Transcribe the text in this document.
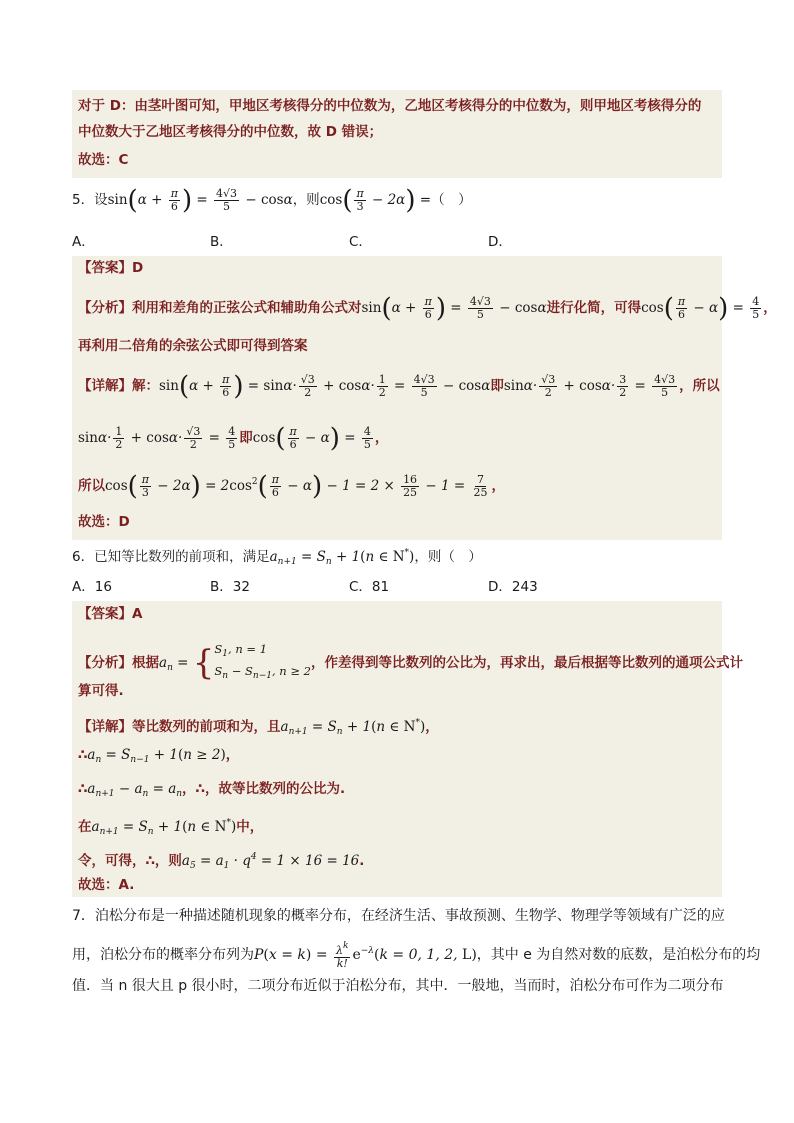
对于 D：由茎叶图可知，甲地区考核得分的中位数为，乙地区考核得分的中位数为，则甲地区考核得分的
中位数大于乙地区考核得分的中位数，故 D 错误；
故选：C
5．设$\sin(\alpha + \frac{\pi}{6}$ ) = $\frac{4√3}{5} - \cos\alpha$，则$\cos( \frac{\pi}{3} - 2\alpha)$ =（　）
A．	B．	C．	D．
【答案】D
【分析】利用和差角的正弦公式和辅助角公式对$\sin(\alpha + \frac{\pi}{6}$ ) = $\frac{4√3}{5} - \cos\alpha$进行化简，可得$\cos( \frac{\pi}{6} - \alpha) = \frac{4}{5}$ ，
再利用二倍角的余弦公式即可得到答案
【详解】解：$\sin(\alpha + \frac{\pi}{6}$ ) = $\sin\alpha\cdot \frac{√3}{2} + \cos\alpha\cdot \frac{1}{2} = \frac{4√3}{5} - \cos\alpha$即$\sin\alpha\cdot \frac{√3}{2} + \cos\alpha\cdot \frac{3}{2} = \frac{4√3}{5}$ ，所以
$\sin\alpha\cdot \frac{1}{2} + \cos\alpha\cdot \frac{√3}{2} = \frac{4}{5}$ 即$\cos( \frac{\pi}{6} - \alpha) = \frac{4}{5}$ ，
所以$\cos( \frac{\pi}{3} - 2\alpha) = 2\cos^2( \frac{\pi}{6} - \alpha) - 1 = 2 \times \frac{16}{25} - 1 = \frac{7}{25}$ ，
故选：D
6．已知等比数列的前项和，满足$a_{n+1} = S_n + 1(n$ ∈ N*)，则（　）
A．16	B．32	C．81	D．243
【答案】A
【分析】根据$a_n$ = { $S_1$, n = 1
$S_n - S_{n-1}$, n ≥ 2 ，作差得到等比数列的公比为，再求出，最后根据等比数列的通项公式计
算可得.
【详解】等比数列的前项和为，且$a_{n+1} = S_n + 1(n$ ∈ N*)，
$\therefore a_n = S_{n-1} + 1(n \ge 2)$，
$\therefore a_{n+1} - a_n = a_n$，∴，故等比数列的公比为.
在$a_{n+1} = S_n + 1(n$ ∈ N*)中，
令，可得，∴，则$a_5 = a_1 \cdot q^4 = 1 \times 16 = 16$.
故选：A.
7．泊松分布是一种描述随机现象的概率分布，在经济生活、事故预测、生物学、物理学等领域有广泛的应
用，泊松分布的概率分布列为$P(x = k) = \frac{\lambda^k}{k!} e^{-\lambda}(k = 0$, 1, 2, L)，其中 e 为自然对数的底数，是泊松分布的均
值．当 n 很大且 p 很小时，二项分布近似于泊松分布，其中．一般地，当而时，泊松分布可作为二项分布
